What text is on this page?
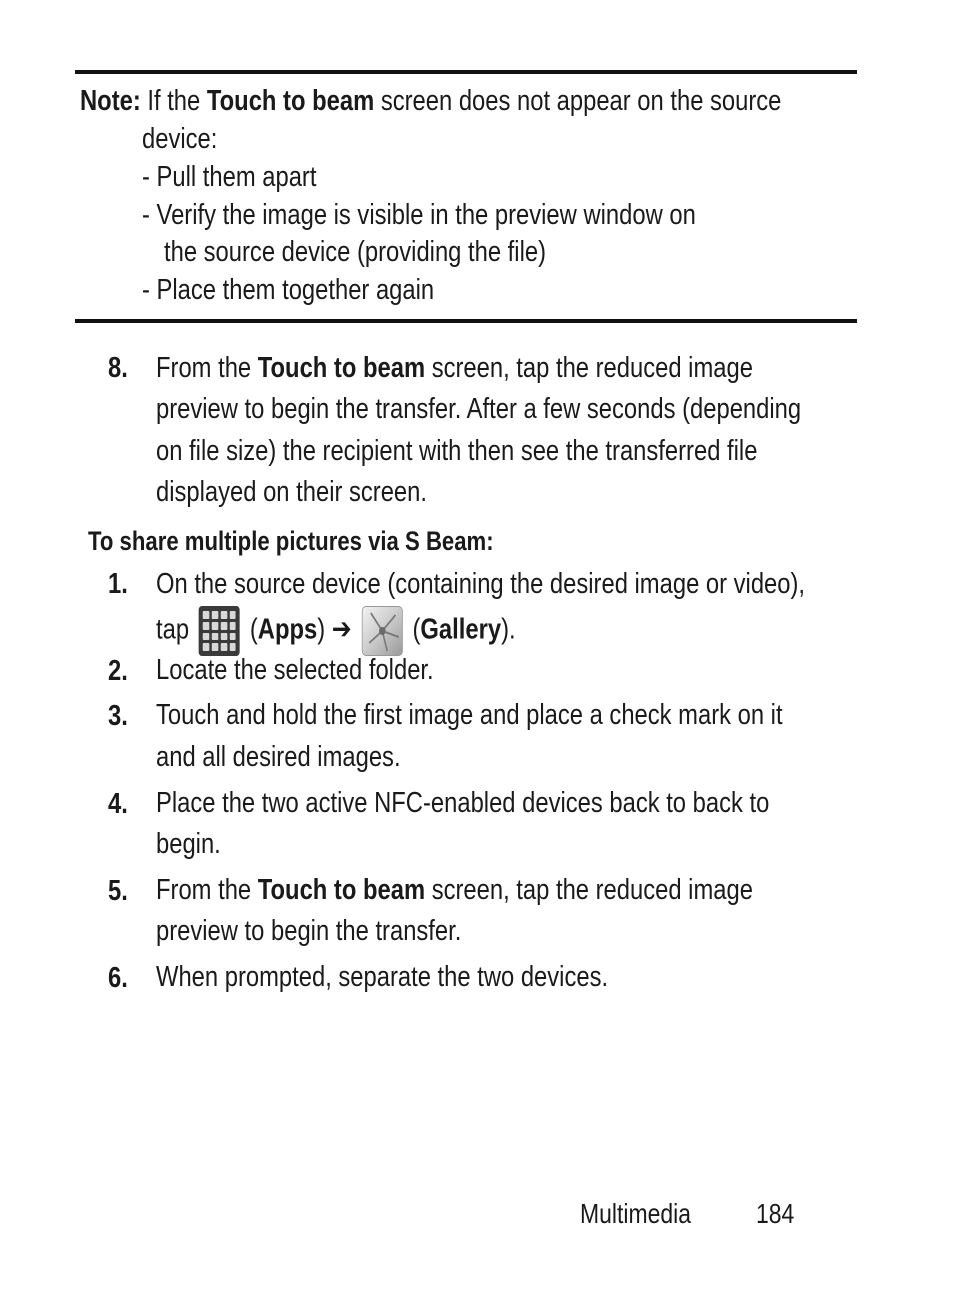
Note: If the Touch to beam screen does not appear on the source
device:
- Pull them apart
- Verify the image is visible in the preview window on
the source device (providing the file)
- Place them together again
8. From the Touch to beam screen, tap the reduced image
preview to begin the transfer. After a few seconds (depending
on file size) the recipient with then see the transferred file
displayed on their screen.
To share multiple pictures via S Beam:
1. On the source device (containing the desired image or video),
tap (Apps) ➔ (Gallery).
2. Locate the selected folder.
3. Touch and hold the first image and place a check mark on it
and all desired images.
4. Place the two active NFC-enabled devices back to back to
begin.
5. From the Touch to beam screen, tap the reduced image
preview to begin the transfer.
6. When prompted, separate the two devices.
Multimedia	184
